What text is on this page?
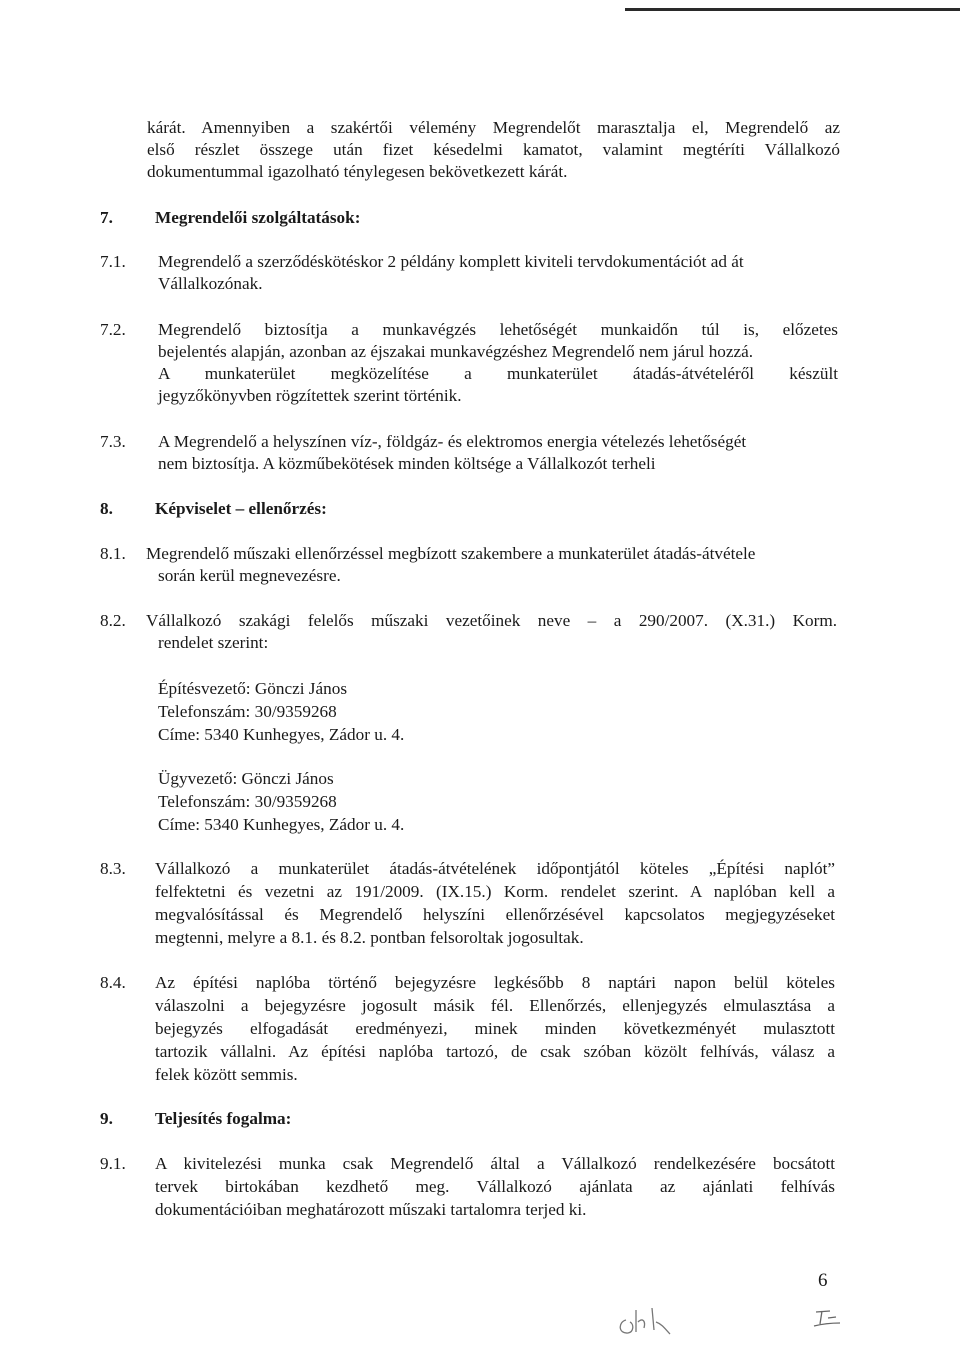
kárát. Amennyiben a szakértői vélemény Megrendelőt marasztalja el, Megrendelő az
első részlet összege után fizet késedelmi kamatot, valamint megtéríti Vállalkozó
dokumentummal igazolható ténylegesen bekövetkezett kárát.
7. Megrendelői szolgáltatások:
7.1. Megrendelő a szerződéskötéskor 2 példány komplett kiviteli tervdokumentációt ad át
Vállalkozónak.
7.2. Megrendelő biztosítja a munkavégzés lehetőségét munkaidőn túl is, előzetes
bejelentés alapján, azonban az éjszakai munkavégzéshez Megrendelő nem járul hozzá.
A munkaterület megközelítése a munkaterület átadás-átvételéről készült
jegyzőkönyvben rögzítettek szerint történik.
7.3. A Megrendelő a helyszínen víz-, földgáz- és elektromos energia vételezés lehetőségét
nem biztosítja. A közműbekötések minden költsége a Vállalkozót terheli
8. Képviselet – ellenőrzés:
8.1. Megrendelő műszaki ellenőrzéssel megbízott szakembere a munkaterület átadás-átvétele
során kerül megnevezésre.
8.2. Vállalkozó szakági felelős műszaki vezetőinek neve – a 290/2007. (X.31.) Korm.
rendelet szerint:
Építésvezető: Gönczi János
Telefonszám: 30/9359268
Címe: 5340 Kunhegyes, Zádor u. 4.
Ügyvezető: Gönczi János
Telefonszám: 30/9359268
Címe: 5340 Kunhegyes, Zádor u. 4.
8.3. Vállalkozó a munkaterület átadás-átvételének időpontjától köteles „Építési naplót”
felfektetni és vezetni az 191/2009. (IX.15.) Korm. rendelet szerint. A naplóban kell a
megvalósítással és Megrendelő helyszíni ellenőrzésével kapcsolatos megjegyzéseket
megtenni, melyre a 8.1. és 8.2. pontban felsoroltak jogosultak.
8.4. Az építési naplóba történő bejegyzésre legkésőbb 8 naptári napon belül köteles
válaszolni a bejegyzésre jogosult másik fél. Ellenőrzés, ellenjegyzés elmulasztása a
bejegyzés elfogadását eredményezi, minek minden következményét mulasztott
tartozik vállalni. Az építési naplóba tartozó, de csak szóban közölt felhívás, válasz a
felek között semmis.
9. Teljesítés fogalma:
9.1. A kivitelezési munka csak Megrendelő által a Vállalkozó rendelkezésére bocsátott
tervek birtokában kezdhető meg. Vállalkozó ajánlata az ajánlati felhívás
dokumentációiban meghatározott műszaki tartalomra terjed ki.
6
